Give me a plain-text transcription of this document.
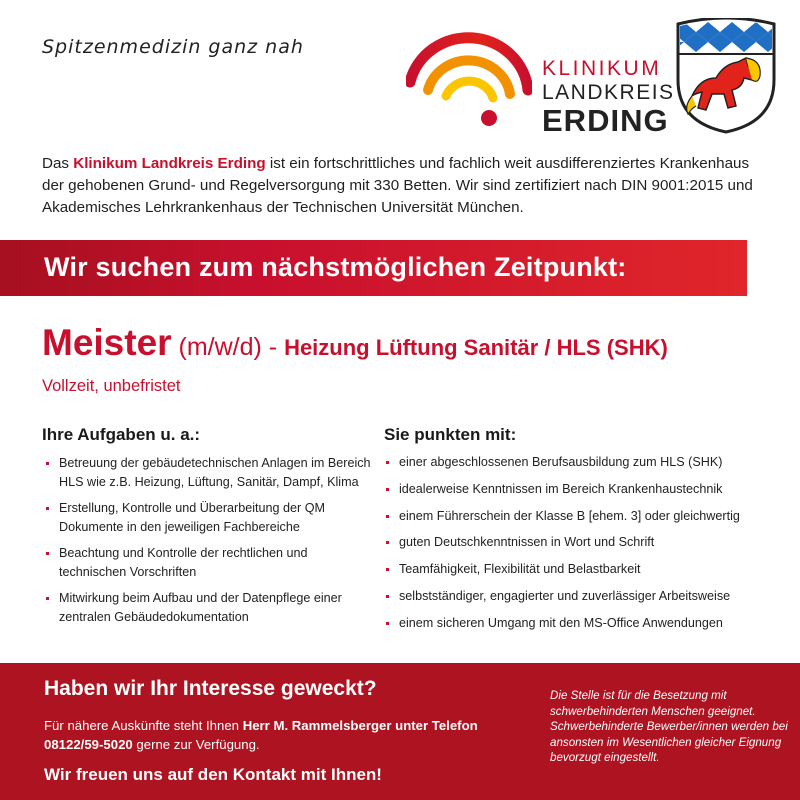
Spitzenmedizin ganz nah
KLINIKUM
LANDKREIS
ERDING
Das Klinikum Landkreis Erding ist ein fortschrittliches und fachlich weit ausdifferenziertes Krankenhaus der gehobenen Grund- und Regelversorgung mit 330 Betten. Wir sind zertifiziert nach DIN 9001:2015 und Akademisches Lehrkrankenhaus der Technischen Universität München.
Wir suchen zum nächstmöglichen Zeitpunkt:
Meister (m/w/d) - Heizung Lüftung Sanitär / HLS (SHK)
Vollzeit, unbefristet
Ihre Aufgaben u. a.:
Betreuung der gebäudetechnischen Anlagen im Bereich HLS wie z.B. Heizung, Lüftung, Sanitär, Dampf, Klima
Erstellung, Kontrolle und Überarbeitung der QM Dokumente in den jeweiligen Fachbereiche
Beachtung und Kontrolle der rechtlichen und technischen Vorschriften
Mitwirkung beim Aufbau und der Datenpflege einer zentralen Gebäudedokumentation
Sie punkten mit:
einer abgeschlossenen Berufsausbildung zum HLS (SHK)
idealerweise Kenntnissen im Bereich Krankenhaustechnik
einem Führerschein der Klasse B [ehem. 3] oder gleichwertig
guten Deutschkenntnissen in Wort und Schrift
Teamfähigkeit, Flexibilität und Belastbarkeit
selbstständiger, engagierter und zuverlässiger Arbeitsweise
einem sicheren Umgang mit den MS-Office Anwendungen
Haben wir Ihr Interesse geweckt?
Für nähere Auskünfte steht Ihnen Herr M. Rammelsberger unter Telefon 08122/59-5020 gerne zur Verfügung.
Wir freuen uns auf den Kontakt mit Ihnen!
Die Stelle ist für die Besetzung mit schwerbehinderten Menschen geeignet. Schwerbehinderte Bewerber/innen werden bei ansonsten im Wesentlichen gleicher Eignung bevorzugt eingestellt.
